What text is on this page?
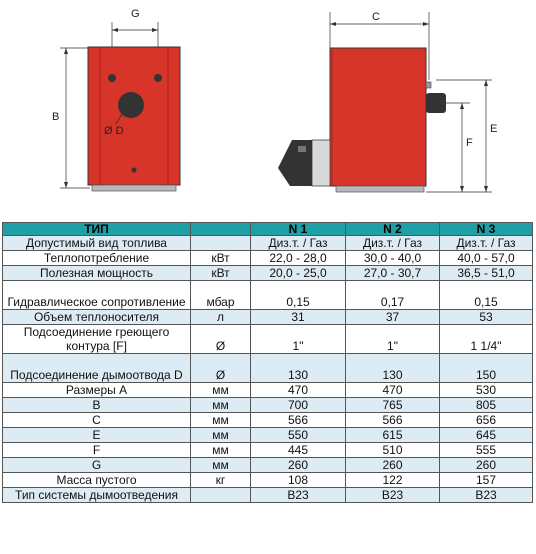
G
B
Ø D
C
E
F
ТИП		N 1	N 2	N 3
Допустимый вид топлива		Диз.т. / Газ	Диз.т. / Газ	Диз.т. / Газ
Теплопотребление	кВт	22,0 - 28,0	30,0 - 40,0	40,0 - 57,0
Полезная мощность	кВт	20,0 - 25,0	27,0 - 30,7	36,5 - 51,0
Гидравлическое сопротивление	мбар	0,15	0,17	0,15
Объем теплоносителя	л	31	37	53
Подсоединение греющего контура [F]	Ø	1"	1"	1 1/4"
Подсоединение дымоотвода D	Ø	130	130	150
Размеры A	мм	470	470	530
B	мм	700	765	805
C	мм	566	566	656
E	мм	550	615	645
F	мм	445	510	555
G	мм	260	260	260
Масса пустого	кг	108	122	157
Тип системы дымоотведения		B23	B23	B23
